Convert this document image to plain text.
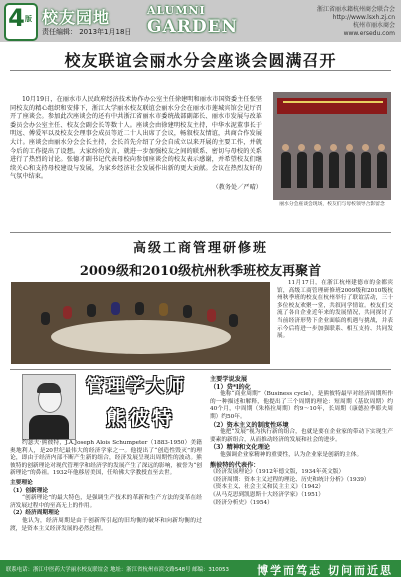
4 版 校友园地
责任编辑： 2013年1月18日
ALUMNI
GARDEN
浙江省丽水籍杭州商会联合会
http://www.lsxh.zj.cn
杭州市丽水商会
www.ersedu.com
校友联谊会丽水分会座谈会圆满召开
10月19日，在丽水市人民政府经济技术协作办公室主任徐建明和丽水市国资委主任张坚同校友的精心组织和安排下，浙江大学丽水校友联谊会丽水分会在丽水市莲城宾馆会见厅召开了座谈会。参加此次座谈会的还有中共浙江省丽水市委统战部副部长、丽水市发展与改革委员会办公室主任、校友会副会长等数十人。座谈会由徐建明校友主持，中华水泥董事长于明远、傅爱军以及校友会理事会成员等近二十人出席了会议，畅叙校友情谊，共商合作发展大计。座谈会由丽水分会会长主持，会长首先介绍了分会自成立以来开展的主要工作，并就今后的工作提出了设想。大家纷纷发言，就进一步加强校友之间的联系、密切与母校的关系进行了热烈的讨论。张德才副书记代表母校向参加座谈会的校友表示感谢，并希望校友们继续关心和支持母校建设与发展，为家乡经济社会发展作出新的更大贡献。会议在热烈友好的气氛中结束。
（教务处／严晴）
丽水分会座谈会现场，校友们与母校领导合影留念
高级工商管理研修班
2009级和2010级杭州秋季班校友再聚首
11月17日，在浙江杭州建德市的金都宾馆，高级工商管理研修班2009级和2010级杭州秋季班的校友在杭州举行了联谊活动，三十多位校友欢聚一堂，共叙同学情谊。校友们交流了各自企业近年来的发展情况，共同探讨了当前经济形势下企业面临的机遇与挑战，并表示今后将进一步加强联系、相互支持、共同发展。
管理学大师
熊彼特
约瑟夫·熊彼特，J.A.Joseph Alois Schumpeter（1883-1950）美籍奥地利人，是20世纪最伟大的经济学家之一。他提出了“创造性毁灭”的理论，即由于经济内部不断产生新的组合，经济发展呈现出周期性的波动。熊彼特的创新理论对现代管理学和经济学的发展产生了深远的影响，被誉为“创新理论”的鼻祖。1932年他移居美国，任哈佛大学教授直至去世。
主要理论
（1）创新理论
“创新理论”的最大特色，是强调生产技术的革新和生产方法的变革在经济发展过程中的至高无上的作用。
（2）经济周期理论
他认为，经济周期是由于创新所引起的旧均衡的破坏和向新均衡的过渡，是资本主义经济发展的必然过程。
主要学说发展
（1）贷*l的化
他称“商业周期”（Business cycle），是熊彼特最早对经济周期所作的一种描述和解释，他提出了三个周期的理论：短周期（基钦周期）约40个月，中周期（朱格拉周期）约9～10年，长周期（康德拉季耶夫周期）约50年。
（2）资本主义的制度性环境
他把“发展”视为执行新的组合，也就是要在企业家的带动下实现生产要素的新组合，从而推动经济的发展和社会的进步。
（3）精神和文化理论
他强调企业家精神的重要性，认为企业家是创新的主体。
熊彼特的代表作：
《经济发展理论》（1912年德文版，1934年英文版）
《经济周期：资本主义过程的理论、历史和统计分析》（1939）
《资本主义、社会主义和民主主义》（1942）
《从马克思到凯恩斯十大经济学家》（1951）
《经济分析史》（1954）
联系电话：浙江中医药大学丽水校友联谊会 地址：浙江省杭州市滨文路548号 邮编：310053	博学而笃志 切问而近思
